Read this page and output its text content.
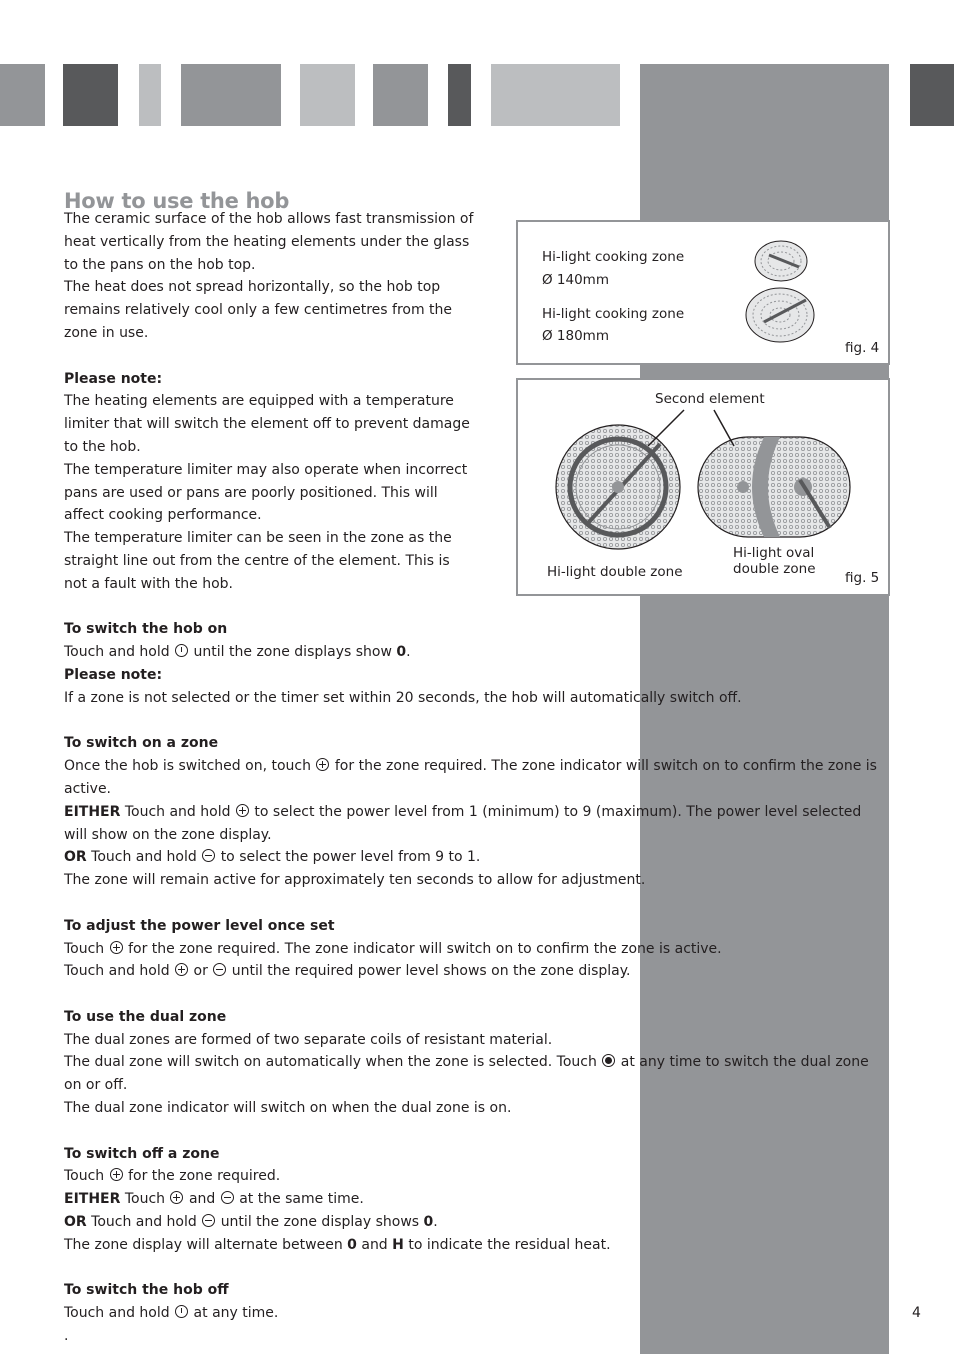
How to use the hob

The ceramic surface of the hob allows fast transmission of heat vertically from the heating elements under the glass to the pans on the hob top.

The heat does not spread horizontally, so the hob top remains relatively cool only a few centimetres from the zone in use.

Please note:

The heating elements are equipped with a temperature limiter that will switch the element off to prevent damage to the hob.

The temperature limiter may also operate when incorrect pans are used or pans are poorly positioned. This will affect cooking performance.

The temperature limiter can be seen in the zone as the straight line out from the centre of the element. This is not a fault with the hob.

To switch the hob on

Touch and hold until the zone displays show 0.

Please note:

If a zone is not selected or the timer set within 20 seconds, the hob will automatically switch off.

To switch on a zone

Once the hob is switched on, touch for the zone required. The zone indicator will switch on to confirm the zone is active.

EITHER Touch and hold to select the power level from 1 (minimum) to 9 (maximum). The power level selected will show on the zone display.

OR Touch and hold to select the power level from 9 to 1.

The zone will remain active for approximately ten seconds to allow for adjustment.

To adjust the power level once set

Touch for the zone required. The zone indicator will switch on to confirm the zone is active.

Touch and hold or until the required power level shows on the zone display.

To use the dual zone

The dual zones are formed of two separate coils of resistant material.

The dual zone will switch on automatically when the zone is selected. Touch at any time to switch the dual zone on or off.

The dual zone indicator will switch on when the dual zone is on.

To switch off a zone

Touch for the zone required.

EITHER Touch and at the same time.

OR Touch and hold until the zone display shows 0.

The zone display will alternate between 0 and H to indicate the residual heat.

To switch the hob off

Touch and hold at any time.

.

Hi-light cooking zone
Ø 140mm
Hi-light cooking zone
Ø 180mm
fig. 4
Second element
Hi-light double zone
Hi-light oval
double zone
fig. 5
4
